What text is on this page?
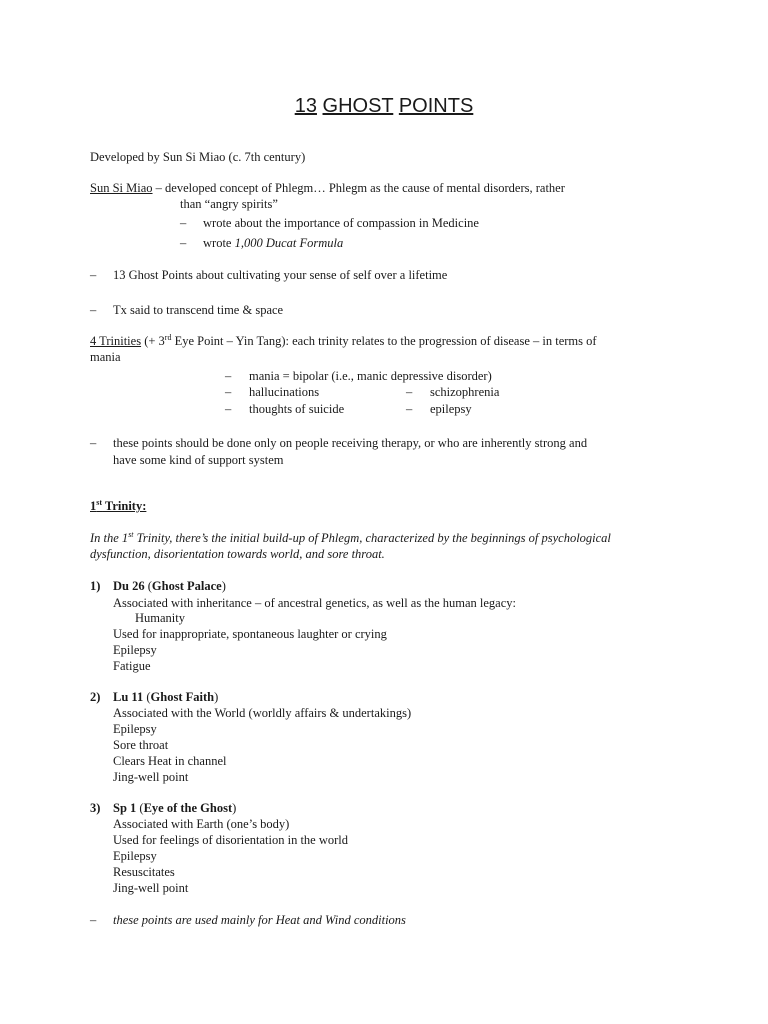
13 GHOST POINTS
Developed by Sun Si Miao (c. 7th century)
Sun Si Miao – developed concept of Phlegm… Phlegm as the cause of mental disorders, rather
than “angry spirits”
– wrote about the importance of compassion in Medicine
– wrote 1,000 Ducat Formula
– 13 Ghost Points about cultivating your sense of self over a lifetime
– Tx said to transcend time & space
4 Trinities (+ 3rd Eye Point – Yin Tang): each trinity relates to the progression of disease – in terms of
mania
– mania = bipolar (i.e., manic depressive disorder)
– hallucinations	– schizophrenia
– thoughts of suicide	– epilepsy
– these points should be done only on people receiving therapy, or who are inherently strong and
have some kind of support system
1st Trinity:
In the 1st Trinity, there’s the initial build-up of Phlegm, characterized by the beginnings of psychological
dysfunction, disorientation towards world, and sore throat.
1) Du 26 (Ghost Palace)
Associated with inheritance – of ancestral genetics, as well as the human legacy:
Humanity
Used for inappropriate, spontaneous laughter or crying
Epilepsy
Fatigue
2) Lu 11 (Ghost Faith)
Associated with the World (worldly affairs & undertakings)
Epilepsy
Sore throat
Clears Heat in channel
Jing-well point
3) Sp 1 (Eye of the Ghost)
Associated with Earth (one’s body)
Used for feelings of disorientation in the world
Epilepsy
Resuscitates
Jing-well point
– these points are used mainly for Heat and Wind conditions
